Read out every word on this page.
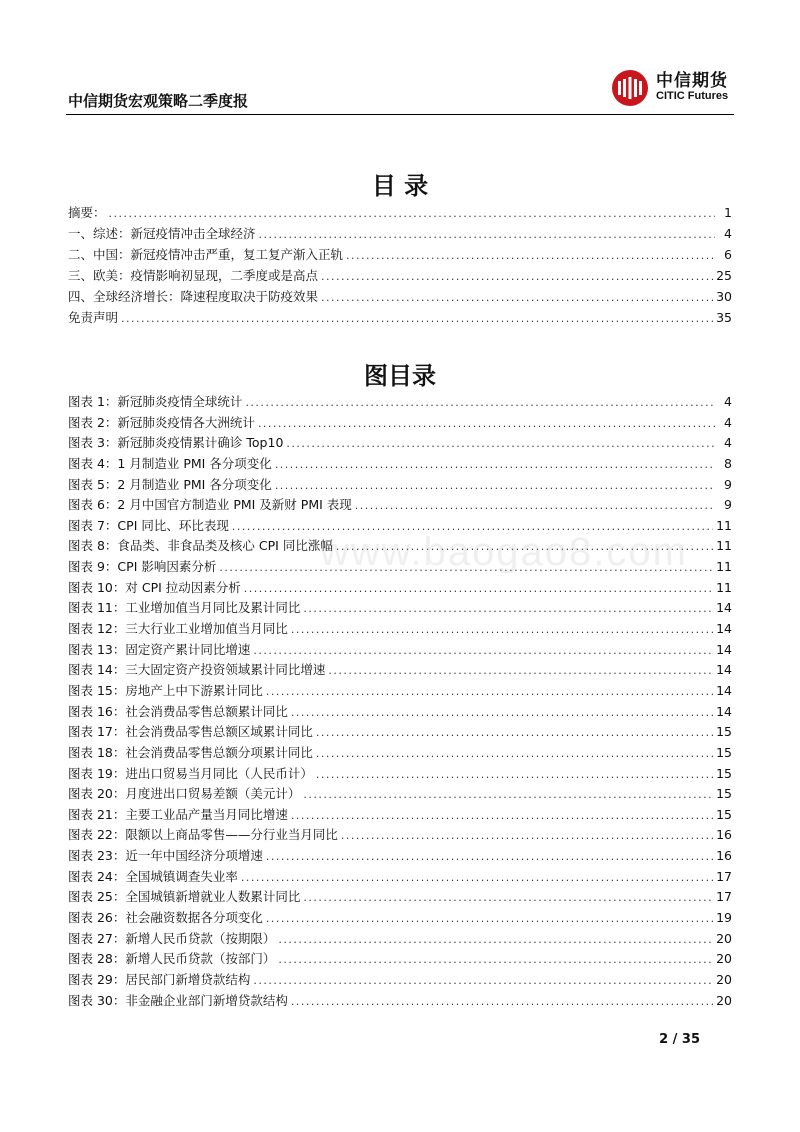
中信期货宏观策略二季度报
中信期货
CITIC Futures
目 录
摘要： .....	1
一、综述：新冠疫情冲击全球经济 .....	4
二、中国：新冠疫情冲击严重，复工复产渐入正轨 .....	6
三、欧美：疫情影响初显现，二季度或是高点 .....	25
四、全球经济增长：降速程度取决于防疫效果 .....	30
免责声明 .....	35
图目录
图表 1：新冠肺炎疫情全球统计 .....	4
图表 2：新冠肺炎疫情各大洲统计 .....	4
图表 3：新冠肺炎疫情累计确诊 Top10 .....	4
图表 4：1 月制造业 PMI 各分项变化 .....	8
图表 5：2 月制造业 PMI 各分项变化 .....	9
图表 6：2 月中国官方制造业 PMI 及新财 PMI 表现 .....	9
图表 7：CPI 同比、环比表现 .....	11
图表 8：食品类、非食品类及核心 CPI 同比涨幅 .....	11
图表 9：CPI 影响因素分析 .....	11
图表 10：对 CPI 拉动因素分析 .....	11
图表 11：工业增加值当月同比及累计同比 .....	14
图表 12：三大行业工业增加值当月同比 .....	14
图表 13：固定资产累计同比增速 .....	14
图表 14：三大固定资产投资领域累计同比增速 .....	14
图表 15：房地产上中下游累计同比 .....	14
图表 16：社会消费品零售总额累计同比 .....	14
图表 17：社会消费品零售总额区域累计同比 .....	15
图表 18：社会消费品零售总额分项累计同比 .....	15
图表 19：进出口贸易当月同比（人民币计） .....	15
图表 20：月度进出口贸易差额（美元计） .....	15
图表 21：主要工业品产量当月同比增速 .....	15
图表 22：限额以上商品零售——分行业当月同比 .....	16
图表 23：近一年中国经济分项增速 .....	16
图表 24：全国城镇调查失业率 .....	17
图表 25：全国城镇新增就业人数累计同比 .....	17
图表 26：社会融资数据各分项变化 .....	19
图表 27：新增人民币贷款（按期限） .....	20
图表 28：新增人民币贷款（按部门） .....	20
图表 29：居民部门新增贷款结构 .....	20
图表 30：非金融企业部门新增贷款结构 .....	20
www.baogao8.com
2 / 35
